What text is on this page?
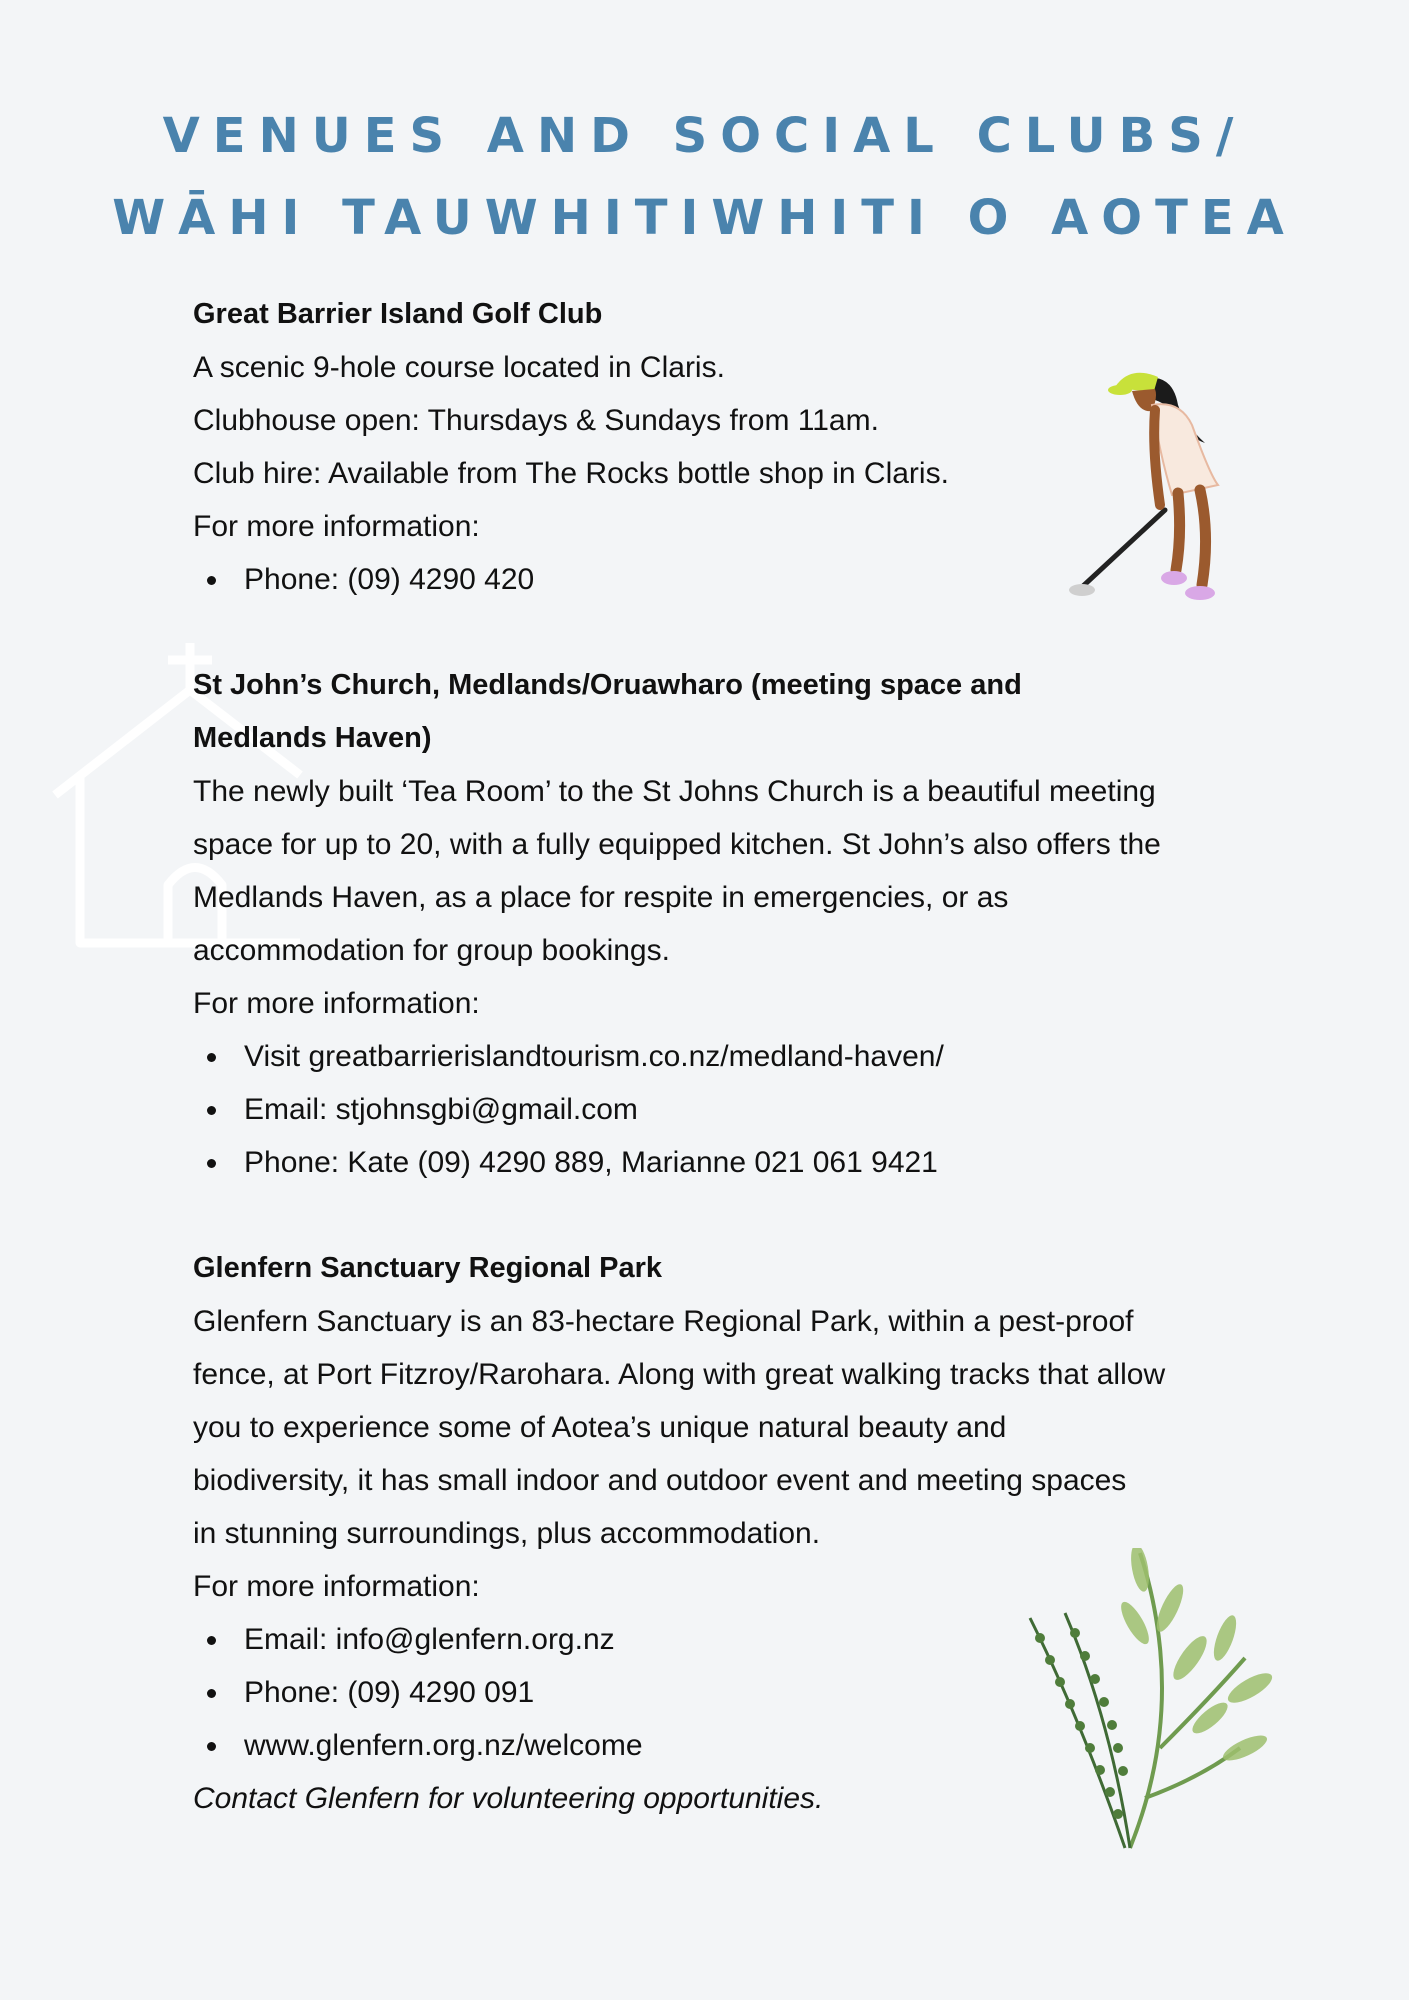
VENUES AND SOCIAL CLUBS/
WĀHI TAUWHITIWHITI O AOTEA
Great Barrier Island Golf Club
A scenic 9-hole course located in Claris.
Clubhouse open: Thursdays & Sundays from 11am.
Club hire: Available from The Rocks bottle shop in Claris.
For more information:
Phone: (09) 4290 420
St John’s Church, Medlands/Oruawharo (meeting space and
Medlands Haven)
The newly built ‘Tea Room’ to the St Johns Church is a beautiful meeting
space for up to 20, with a fully equipped kitchen. St John’s also offers the
Medlands Haven, as a place for respite in emergencies, or as
accommodation for group bookings.
For more information:
Visit greatbarrierislandtourism.co.nz/medland-haven/
Email: stjohnsgbi@gmail.com
Phone: Kate (09) 4290 889, Marianne 021 061 9421
Glenfern Sanctuary Regional Park
Glenfern Sanctuary is an 83-hectare Regional Park, within a pest-proof
fence, at Port Fitzroy/Rarohara. Along with great walking tracks that allow
you to experience some of Aotea’s unique natural beauty and
biodiversity, it has small indoor and outdoor event and meeting spaces
in stunning surroundings, plus accommodation.
For more information:
Email: info@glenfern.org.nz
Phone: (09) 4290 091
www.glenfern.org.nz/welcome
Contact Glenfern for volunteering opportunities.
